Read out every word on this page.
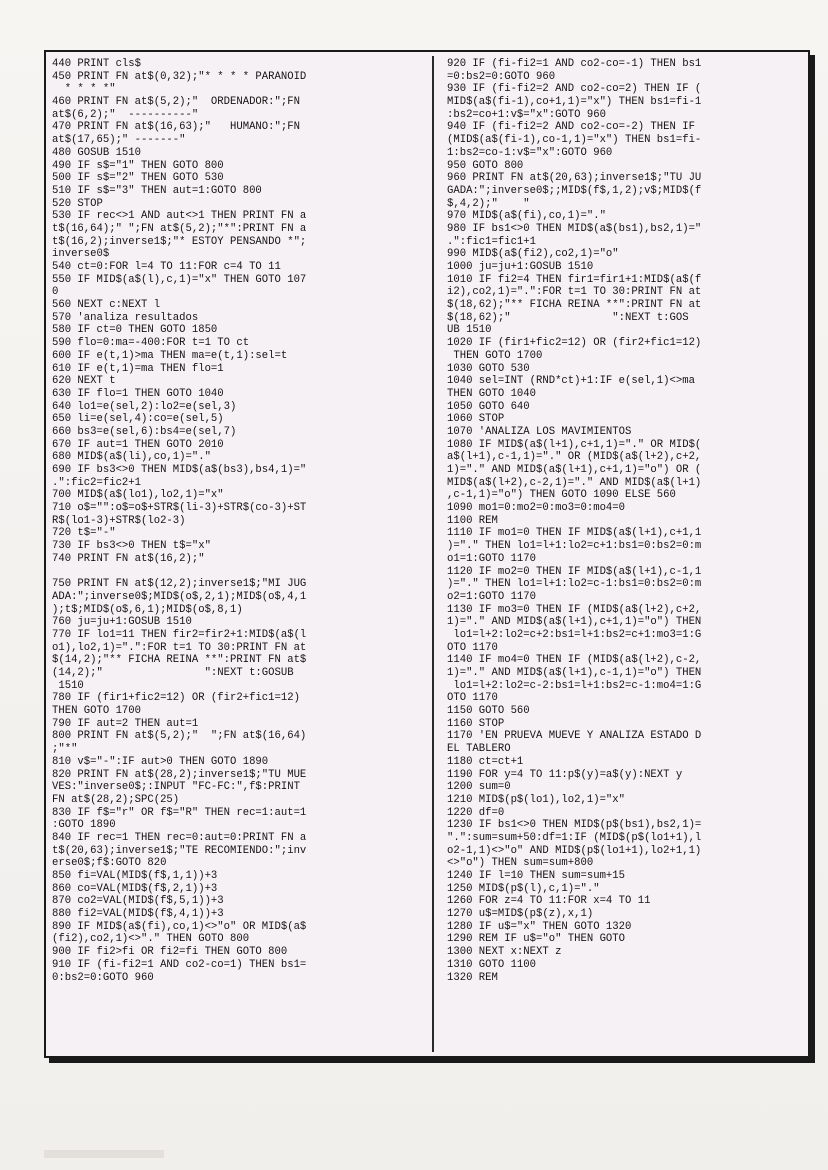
440 PRINT cls$
450 PRINT FN at$(0,32);"* * * * PARANOID
* * * *"
460 PRINT FN at$(5,2);"  ORDENADOR:";FN
at$(6,2);"  ----------"
470 PRINT FN at$(16,63);"   HUMANO:";FN
at$(17,65);" -------"
480 GOSUB 1510
490 IF s$="1" THEN GOTO 800
500 IF s$="2" THEN GOTO 530
510 IF s$="3" THEN aut=1:GOTO 800
520 STOP
530 IF rec<>1 AND aut<>1 THEN PRINT FN a
t$(16,64);" ";FN at$(5,2);"*":PRINT FN a
t$(16,2);inverse1$;"* ESTOY PENSANDO *";
inverse0$
540 ct=0:FOR l=4 TO 11:FOR c=4 TO 11
550 IF MID$(a$(l),c,1)="x" THEN GOTO 107
0
560 NEXT c:NEXT l
570 'analiza resultados
580 IF ct=0 THEN GOTO 1850
590 flo=0:ma=-400:FOR t=1 TO ct
600 IF e(t,1)>ma THEN ma=e(t,1):sel=t
610 IF e(t,1)=ma THEN flo=1
620 NEXT t
630 IF flo=1 THEN GOTO 1040
640 lo1=e(sel,2):lo2=e(sel,3)
650 li=e(sel,4):co=e(sel,5)
660 bs3=e(sel,6):bs4=e(sel,7)
670 IF aut=1 THEN GOTO 2010
680 MID$(a$(li),co,1)="."
690 IF bs3<>0 THEN MID$(a$(bs3),bs4,1)="
.":fic2=fic2+1
700 MID$(a$(lo1),lo2,1)="x"
710 o$="":o$=o$+STR$(li-3)+STR$(co-3)+ST
R$(lo1-3)+STR$(lo2-3)
720 t$="-"
730 IF bs3<>0 THEN t$="x"
740 PRINT FN at$(16,2);"

750 PRINT FN at$(12,2);inverse1$;"MI JUG
ADA:";inverse0$;MID$(o$,2,1);MID$(o$,4,1
);t$;MID$(o$,6,1);MID$(o$,8,1)
760 ju=ju+1:GOSUB 1510
770 IF lo1=11 THEN fir2=fir2+1:MID$(a$(l
o1),lo2,1)=".":FOR t=1 TO 30:PRINT FN at
$(14,2);"** FICHA REINA **":PRINT FN at$
(14,2);"                ":NEXT t:GOSUB
1510
780 IF (fir1+fic2=12) OR (fir2+fic1=12)
THEN GOTO 1700
790 IF aut=2 THEN aut=1
800 PRINT FN at$(5,2);"  ";FN at$(16,64)
;"*"
810 v$="-":IF aut>0 THEN GOTO 1890
820 PRINT FN at$(28,2);inverse1$;"TU MUE
VES:"inverse0$;:INPUT "FC-FC:",f$:PRINT
FN at$(28,2);SPC(25)
830 IF f$="r" OR f$="R" THEN rec=1:aut=1
:GOTO 1890
840 IF rec=1 THEN rec=0:aut=0:PRINT FN a
t$(20,63);inverse1$;"TE RECOMIENDO:";inv
erse0$;f$:GOTO 820
850 fi=VAL(MID$(f$,1,1))+3
860 co=VAL(MID$(f$,2,1))+3
870 co2=VAL(MID$(f$,5,1))+3
880 fi2=VAL(MID$(f$,4,1))+3
890 IF MID$(a$(fi),co,1)<>"o" OR MID$(a$
(fi2),co2,1)<>"." THEN GOTO 800
900 IF fi2>fi OR fi2=fi THEN GOTO 800
910 IF (fi-fi2=1 AND co2-co=1) THEN bs1=
0:bs2=0:GOTO 960
920 IF (fi-fi2=1 AND co2-co=-1) THEN bs1
=0:bs2=0:GOTO 960
930 IF (fi-fi2=2 AND co2-co=2) THEN IF (
MID$(a$(fi-1),co+1,1)="x") THEN bs1=fi-1
:bs2=co+1:v$="x":GOTO 960
940 IF (fi-fi2=2 AND co2-co=-2) THEN IF
(MID$(a$(fi-1),co-1,1)="x") THEN bs1=fi-
1:bs2=co-1:v$="x":GOTO 960
950 GOTO 800
960 PRINT FN at$(20,63);inverse1$;"TU JU
GADA:";inverse0$;;MID$(f$,1,2);v$;MID$(f
$,4,2);"    "
970 MID$(a$(fi),co,1)="."
980 IF bs1<>0 THEN MID$(a$(bs1),bs2,1)="
.":fic1=fic1+1
990 MID$(a$(fi2),co2,1)="o"
1000 ju=ju+1:GOSUB 1510
1010 IF fi2=4 THEN fir1=fir1+1:MID$(a$(f
i2),co2,1)=".":FOR t=1 TO 30:PRINT FN at
$(18,62);"** FICHA REINA **":PRINT FN at
$(18,62);"                ":NEXT t:GOS
UB 1510
1020 IF (fir1+fic2=12) OR (fir2+fic1=12)
THEN GOTO 1700
1030 GOTO 530
1040 sel=INT (RND*ct)+1:IF e(sel,1)<>ma
THEN GOTO 1040
1050 GOTO 640
1060 STOP
1070 'ANALIZA LOS MAVIMIENTOS
1080 IF MID$(a$(l+1),c+1,1)="." OR MID$(
a$(l+1),c-1,1)="." OR (MID$(a$(l+2),c+2,
1)="." AND MID$(a$(l+1),c+1,1)="o") OR (
MID$(a$(l+2),c-2,1)="." AND MID$(a$(l+1)
,c-1,1)="o") THEN GOTO 1090 ELSE 560
1090 mo1=0:mo2=0:mo3=0:mo4=0
1100 REM
1110 IF mo1=0 THEN IF MID$(a$(l+1),c+1,1
)="." THEN lo1=l+1:lo2=c+1:bs1=0:bs2=0:m
o1=1:GOTO 1170
1120 IF mo2=0 THEN IF MID$(a$(l+1),c-1,1
)="." THEN lo1=l+1:lo2=c-1:bs1=0:bs2=0:m
o2=1:GOTO 1170
1130 IF mo3=0 THEN IF (MID$(a$(l+2),c+2,
1)="." AND MID$(a$(l+1),c+1,1)="o") THEN
lo1=l+2:lo2=c+2:bs1=l+1:bs2=c+1:mo3=1:G
OTO 1170
1140 IF mo4=0 THEN IF (MID$(a$(l+2),c-2,
1)="." AND MID$(a$(l+1),c-1,1)="o") THEN
lo1=l+2:lo2=c-2:bs1=l+1:bs2=c-1:mo4=1:G
OTO 1170
1150 GOTO 560
1160 STOP
1170 'EN PRUEVA MUEVE Y ANALIZA ESTADO D
EL TABLERO
1180 ct=ct+1
1190 FOR y=4 TO 11:p$(y)=a$(y):NEXT y
1200 sum=0
1210 MID$(p$(lo1),lo2,1)="x"
1220 df=0
1230 IF bs1<>0 THEN MID$(p$(bs1),bs2,1)=
".":sum=sum+50:df=1:IF (MID$(p$(lo1+1),l
o2-1,1)<>"o" AND MID$(p$(lo1+1),lo2+1,1)
<>"o") THEN sum=sum+800
1240 IF l=10 THEN sum=sum+15
1250 MID$(p$(l),c,1)="."
1260 FOR z=4 TO 11:FOR x=4 TO 11
1270 u$=MID$(p$(z),x,1)
1280 IF u$="x" THEN GOTO 1320
1290 REM IF u$="o" THEN GOTO
1300 NEXT x:NEXT z
1310 GOTO 1100
1320 REM
